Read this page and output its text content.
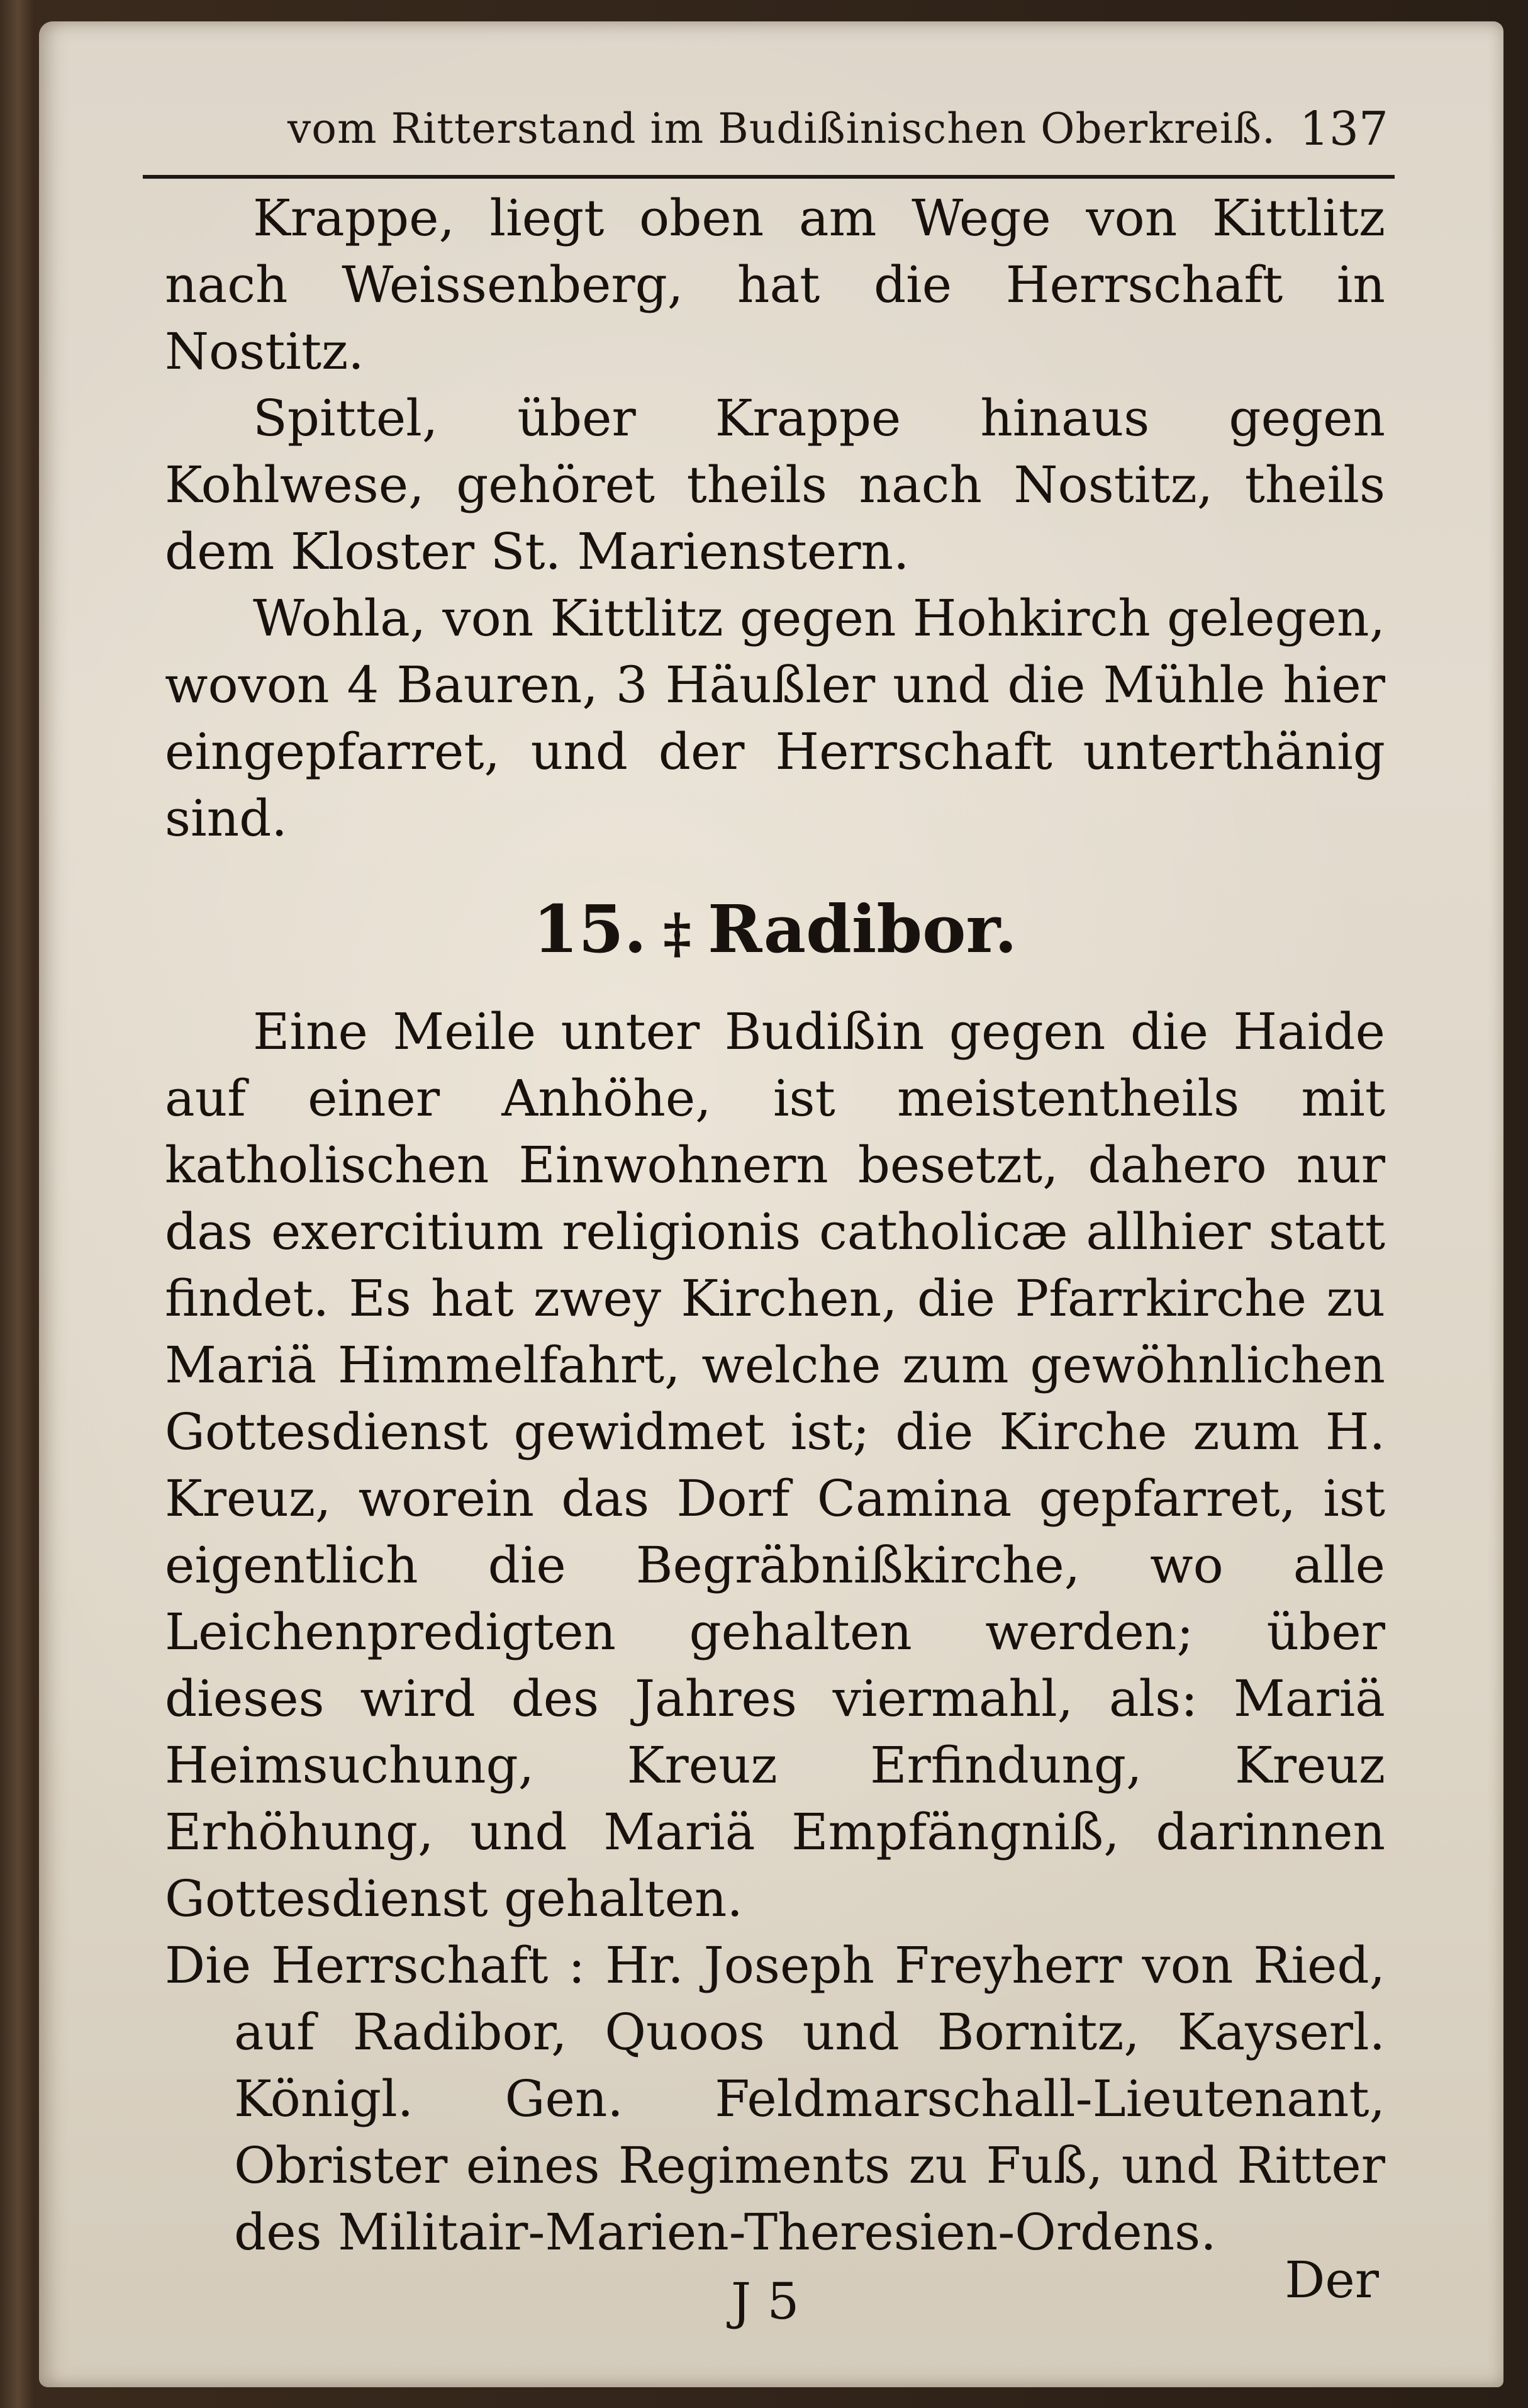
vom Ritterstand im Budißinischen Oberkreiß. 137

Krappe, liegt oben am Wege von Kittlitz nach Weissenberg, hat die Herrschaft in Nostitz.

Spittel, über Krappe hinaus gegen Kohlwese, gehöret theils nach Nostitz, theils dem Kloster St. Marienstern.

Wohla, von Kittlitz gegen Hohkirch gelegen, wovon 4 Bauren, 3 Häußler und die Mühle hier eingepfarret, und der Herrschaft unterthänig sind.

15. ‡ Radibor.

Eine Meile unter Budißin gegen die Haide auf einer Anhöhe, ist meistentheils mit katholischen Einwohnern besetzt, dahero nur das exercitium religionis catholicæ allhier statt findet. Es hat zwey Kirchen, die Pfarrkirche zu Mariä Himmelfahrt, welche zum gewöhnlichen Gottesdienst gewidmet ist; die Kirche zum H. Kreuz, worein das Dorf Camina gepfarret, ist eigentlich die Begräbnißkirche, wo alle Leichenpredigten gehalten werden; über dieses wird des Jahres viermahl, als: Mariä Heimsuchung, Kreuz Erfindung, Kreuz Erhöhung, und Mariä Empfängniß, darinnen Gottesdienst gehalten.

Die Herrschaft : Hr. Joseph Freyherr von Ried, auf Radibor, Quoos und Bornitz, Kayserl. Königl. Gen. Feldmarschall-Lieutenant, Obrister eines Regiments zu Fuß, und Ritter des Militair-Marien-Theresien-Ordens.

J 5	Der
